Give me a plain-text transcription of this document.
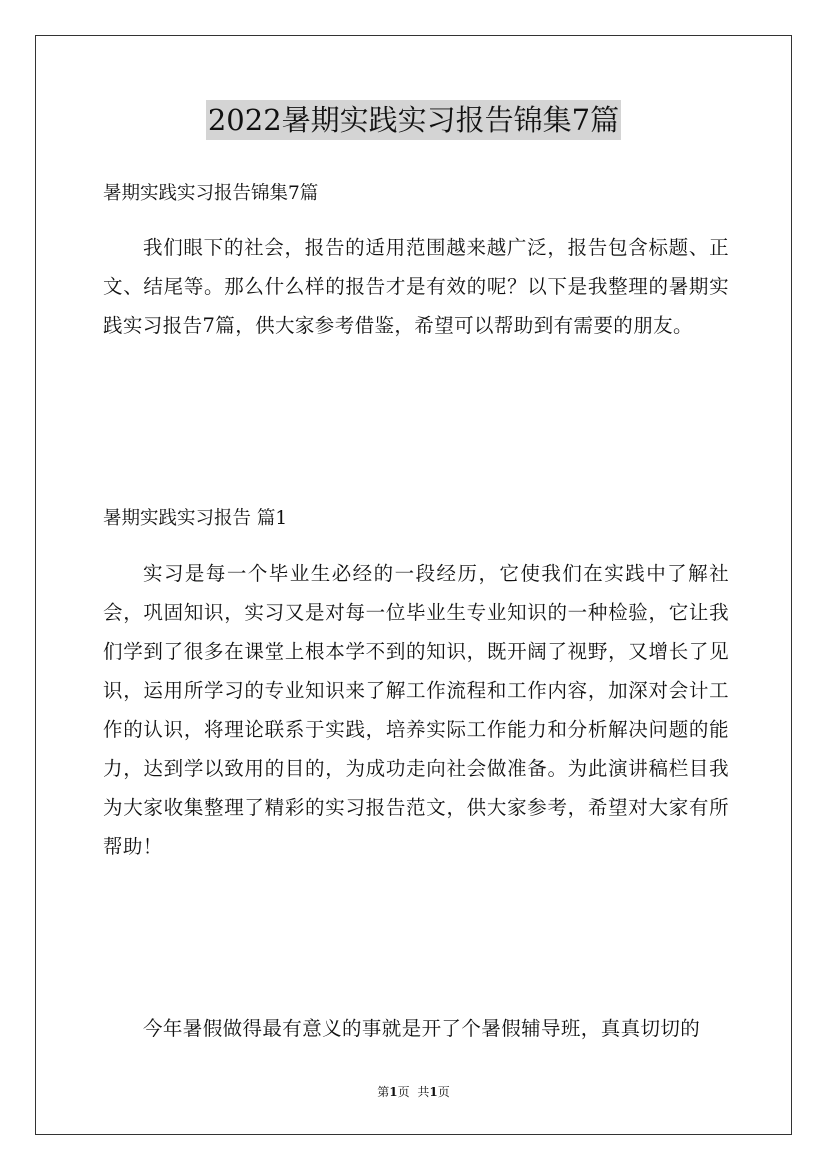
2022暑期实践实习报告锦集7篇
暑期实践实习报告锦集7篇
我们眼下的社会，报告的适用范围越来越广泛，报告包含标题、正文、结尾等。那么什么样的报告才是有效的呢？以下是我整理的暑期实践实习报告7篇，供大家参考借鉴，希望可以帮助到有需要的朋友。
暑期实践实习报告 篇1
实习是每一个毕业生必经的一段经历，它使我们在实践中了解社会，巩固知识，实习又是对每一位毕业生专业知识的一种检验，它让我们学到了很多在课堂上根本学不到的知识，既开阔了视野，又增长了见识，运用所学习的专业知识来了解工作流程和工作内容，加深对会计工作的认识，将理论联系于实践，培养实际工作能力和分析解决问题的能力，达到学以致用的目的，为成功走向社会做准备。为此演讲稿栏目我为大家收集整理了精彩的实习报告范文，供大家参考，希望对大家有所帮助！
今年暑假做得最有意义的事就是开了个暑假辅导班，真真切切的
第1页 共1页
